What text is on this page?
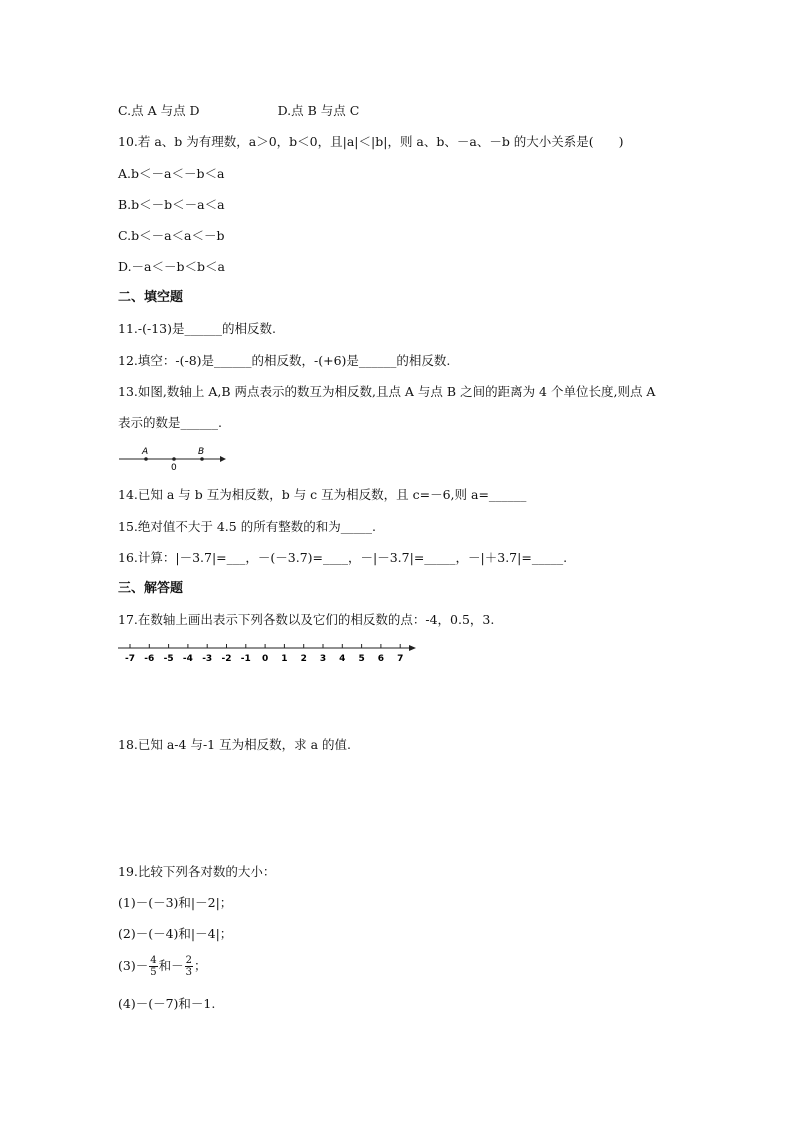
C.点 A 与点 D	D.点 B 与点 C
10.若 a、b 为有理数，a＞0，b＜0，且|a|＜|b|，则 a、b、－a、－b 的大小关系是(　　)
A.b＜－a＜－b＜a
B.b＜－b＜－a＜a
C.b＜－a＜a＜－b
D.－a＜－b＜b＜a
二、填空题
11.-(-13)是______的相反数.
12.填空：-(-8)是______的相反数，-(+6)是______的相反数.
13.如图,数轴上 A,B 两点表示的数互为相反数,且点 A 与点 B 之间的距离为 4 个单位长度,则点 A
表示的数是______.
A
0
B
14.已知 a 与 b 互为相反数，b 与 c 互为相反数，且 c=－6,则 a=______
15.绝对值不大于 4.5 的所有整数的和为_____.
16.计算：|－3.7|=___，－(－3.7)=____，－|－3.7|=_____，－|＋3.7|=_____.
三、解答题
17.在数轴上画出表示下列各数以及它们的相反数的点：-4，0.5，3.
-7 -6 -5 -4 -3 -2 -1 0 1 2 3 4 5 6 7
18.已知 a-4 与-1 互为相反数，求 a 的值.
19.比较下列各对数的大小：
(1)－(－3)和|－2|；
(2)－(－4)和|－4|；
$(3)- \frac{4}{5}$ 和－ $\frac{2}{3}$ ；
(4)－(－7)和－1.
